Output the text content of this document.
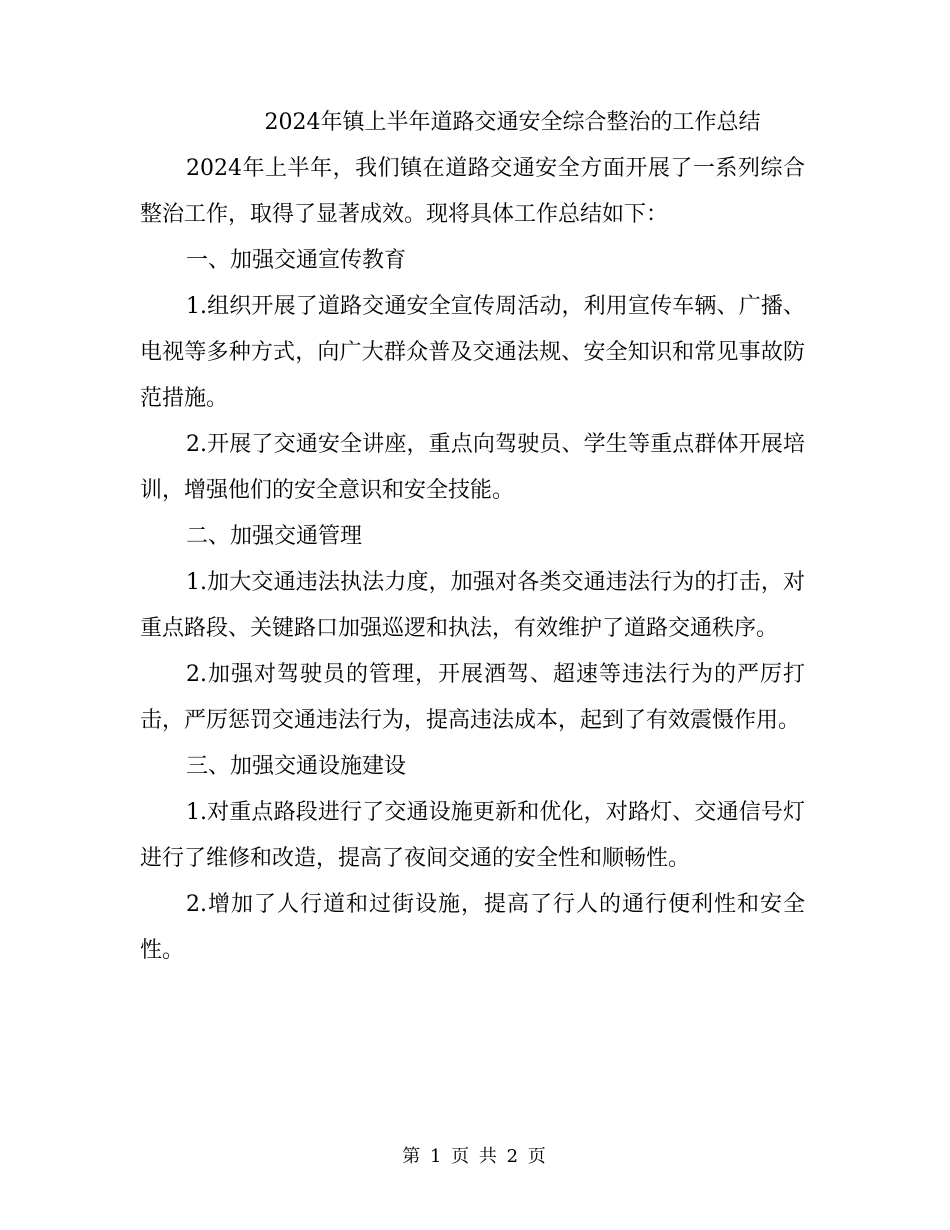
2024年镇上半年道路交通安全综合整治的工作总结

2024年上半年，我们镇在道路交通安全方面开展了一系列综合整治工作，取得了显著成效。现将具体工作总结如下：

一、加强交通宣传教育

1.组织开展了道路交通安全宣传周活动，利用宣传车辆、广播、电视等多种方式，向广大群众普及交通法规、安全知识和常见事故防范措施。

2.开展了交通安全讲座，重点向驾驶员、学生等重点群体开展培训，增强他们的安全意识和安全技能。

二、加强交通管理

1.加大交通违法执法力度，加强对各类交通违法行为的打击，对重点路段、关键路口加强巡逻和执法，有效维护了道路交通秩序。

2.加强对驾驶员的管理，开展酒驾、超速等违法行为的严厉打击，严厉惩罚交通违法行为，提高违法成本，起到了有效震慑作用。

三、加强交通设施建设

1.对重点路段进行了交通设施更新和优化，对路灯、交通信号灯进行了维修和改造，提高了夜间交通的安全性和顺畅性。

2.增加了人行道和过街设施，提高了行人的通行便利性和安全性。

第 1 页 共 2 页
